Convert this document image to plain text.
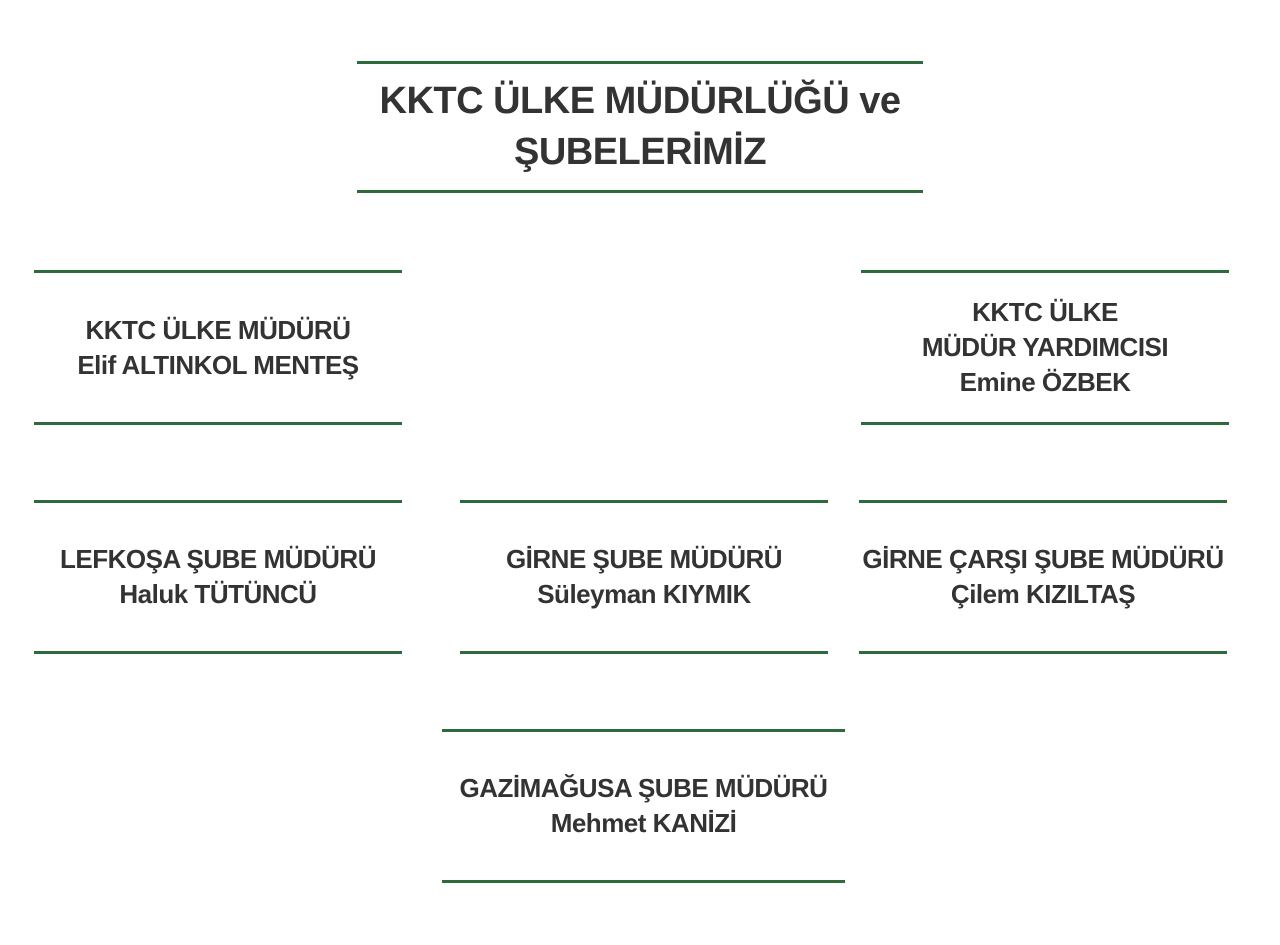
KKTC ÜLKE MÜDÜRLÜĞÜ ve
ŞUBELERİMİZ
KKTC ÜLKE MÜDÜRÜ
Elif ALTINKOL MENTEŞ
KKTC ÜLKE
MÜDÜR YARDIMCISI
Emine ÖZBEK
LEFKOŞA ŞUBE MÜDÜRÜ
Haluk TÜTÜNCÜ
GİRNE ŞUBE MÜDÜRÜ
Süleyman KIYMIK
GİRNE ÇARŞI ŞUBE MÜDÜRÜ
Çilem KIZILTAŞ
GAZİMAĞUSA ŞUBE MÜDÜRÜ
Mehmet KANİZİ
